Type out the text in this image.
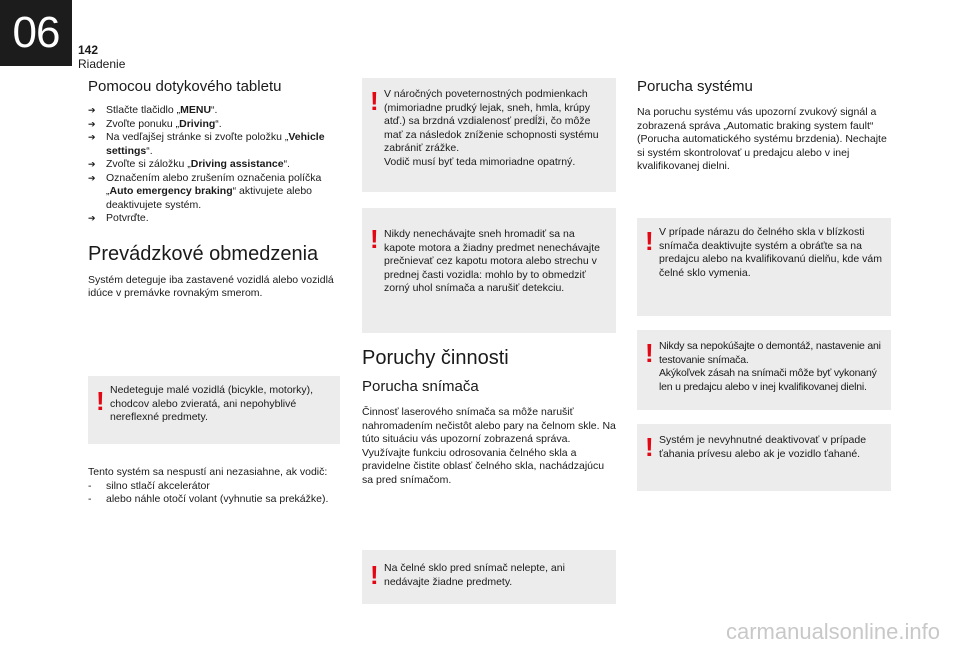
06 142
Riadenie
Pomocou dotykového tabletu
➔ Stlačte tlačidlo „MENU“.
➔ Zvoľte ponuku „Driving“.
➔ Na vedľajšej stránke si zvoľte položku „Vehicle settings“.
➔ Zvoľte si záložku „Driving assistance“.
➔ Označením alebo zrušením označenia políčka „Auto emergency braking“ aktivujete alebo deaktivujete systém.
➔ Potvrďte.
Prevádzkové obmedzenia

Systém deteguje iba zastavené vozidlá alebo vozidlá idúce v premávke rovnakým smerom.

! Nedeteguje malé vozidlá (bicykle, motorky), chodcov alebo zvieratá, ani nepohyblivé nereflexné predmety.

Tento systém sa nespustí ani nezasiahne, ak vodič:

- silno stlačí akcelerátor
- alebo náhle otočí volant (vyhnutie sa prekážke).
! V náročných poveternostných podmienkach (mimoriadne prudký lejak, sneh, hmla, krúpy atď.) sa brzdná vzdialenosť predĺži, čo môže mať za následok zníženie schopnosti systému zabrániť zrážke.
Vodič musí byť teda mimoriadne opatrný.
! Nikdy nenechávajte sneh hromadiť sa na kapote motora a žiadny predmet nenechávajte prečnievať cez kapotu motora alebo strechu v prednej časti vozidla: mohlo by to obmedziť zorný uhol snímača a narušiť detekciu.
Poruchy činnosti
Porucha snímača

Činnosť laserového snímača sa môže narušiť nahromadením nečistôt alebo pary na čelnom skle. Na túto situáciu vás upozorní zobrazená správa. Využívajte funkciu odrosovania čelného skla a pravidelne čistite oblasť čelného skla, nachádzajúcu sa pred snímačom.

! Na čelné sklo pred snímač nelepte, ani nedávajte žiadne predmety.
Porucha systému

Na poruchu systému vás upozorní zvukový signál a zobrazená správa „Automatic braking system fault“ (Porucha automatického systému brzdenia). Nechajte si systém skontrolovať u predajcu alebo v inej kvalifikovanej dielni.

! V prípade nárazu do čelného skla v blízkosti snímača deaktivujte systém a obráťte sa na predajcu alebo na kvalifikovanú dielňu, kde vám čelné sklo vymenia.
! Nikdy sa nepokúšajte o demontáž, nastavenie ani testovanie snímača.
Akýkoľvek zásah na snímači môže byť vykonaný len u predajcu alebo v inej kvalifikovanej dielni.
! Systém je nevyhnutné deaktivovať v prípade ťahania prívesu alebo ak je vozidlo ťahané.
carmanualsonline.info
